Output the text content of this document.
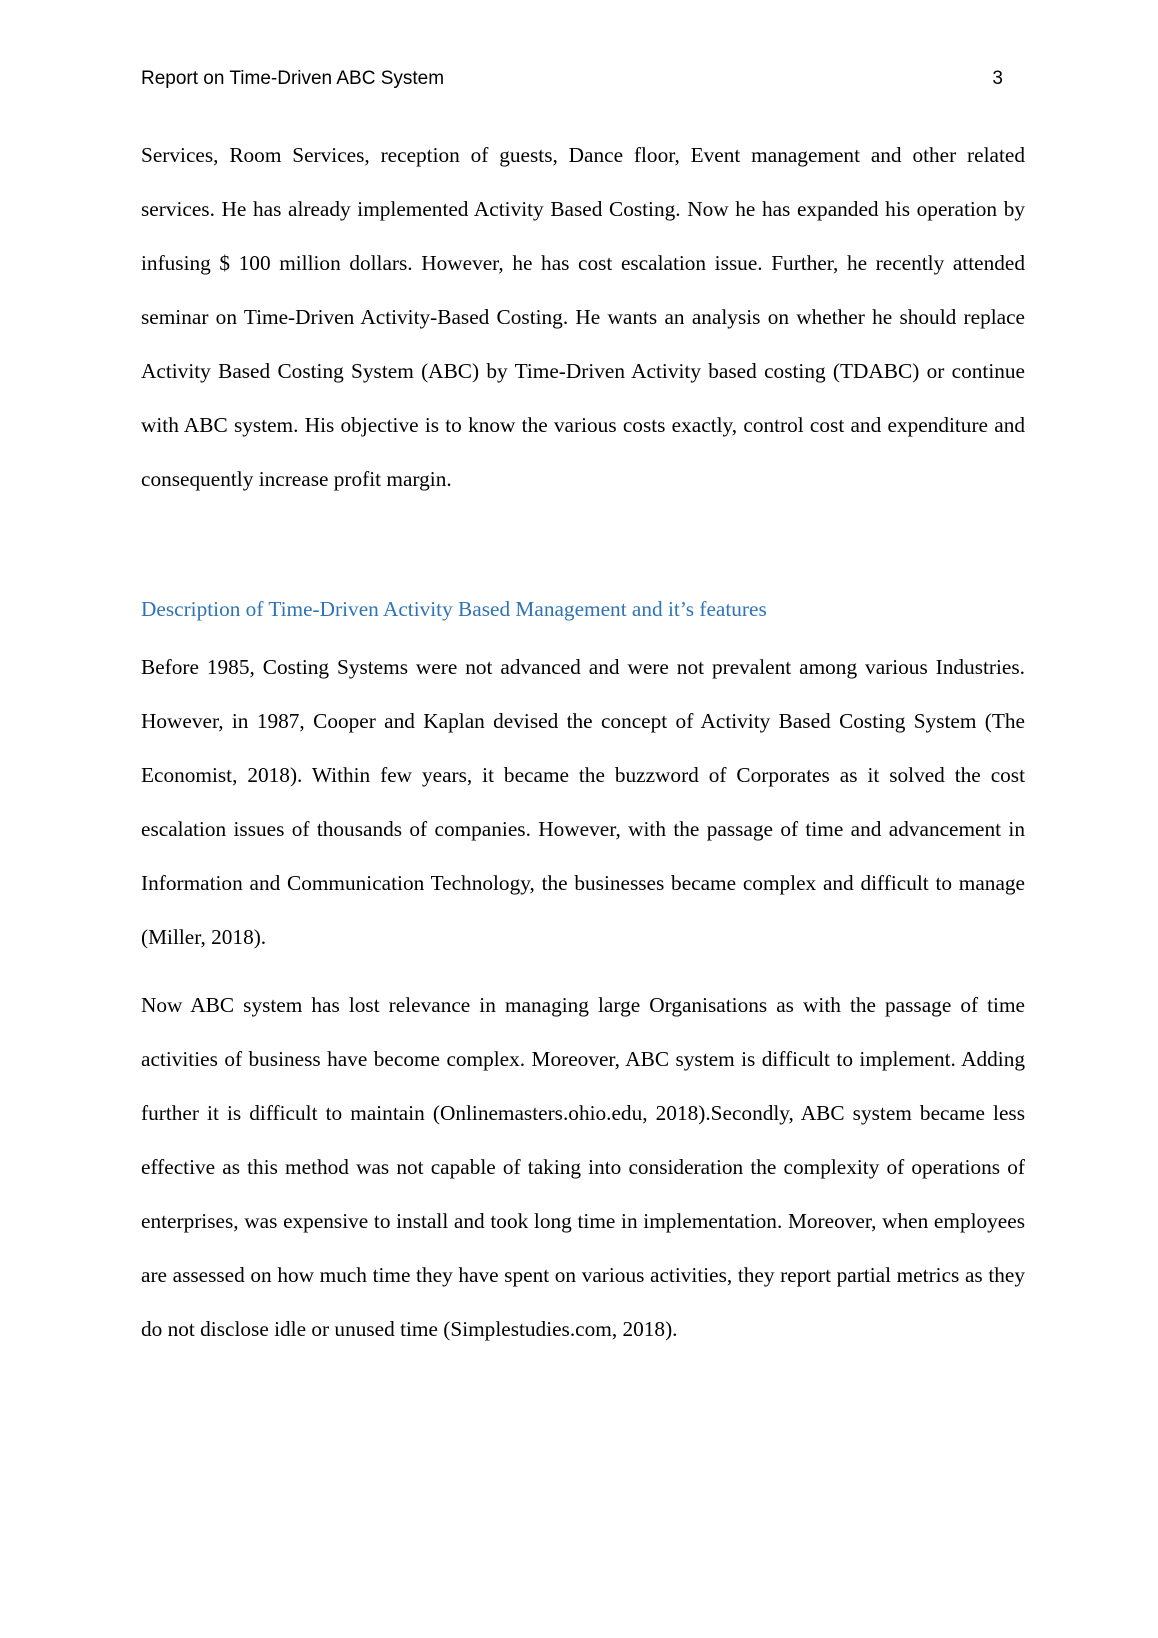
Report on Time-Driven ABC System	3

Services, Room Services, reception of guests, Dance floor, Event management and other related services. He has already implemented Activity Based Costing. Now he has expanded his operation by infusing $ 100 million dollars. However, he has cost escalation issue. Further, he recently attended seminar on Time-Driven Activity-Based Costing. He wants an analysis on whether he should replace Activity Based Costing System (ABC) by Time-Driven Activity based costing (TDABC) or continue with ABC system. His objective is to know the various costs exactly, control cost and expenditure and consequently increase profit margin.

Description of Time-Driven Activity Based Management and it’s features

Before 1985, Costing Systems were not advanced and were not prevalent among various Industries. However, in 1987, Cooper and Kaplan devised the concept of Activity Based Costing System (The Economist, 2018). Within few years, it became the buzzword of Corporates as it solved the cost escalation issues of thousands of companies. However, with the passage of time and advancement in Information and Communication Technology, the businesses became complex and difficult to manage (Miller, 2018).

Now ABC system has lost relevance in managing large Organisations as with the passage of time activities of business have become complex. Moreover, ABC system is difficult to implement. Adding further it is difficult to maintain (Onlinemasters.ohio.edu, 2018).Secondly, ABC system became less effective as this method was not capable of taking into consideration the complexity of operations of enterprises, was expensive to install and took long time in implementation. Moreover, when employees are assessed on how much time they have spent on various activities, they report partial metrics as they do not disclose idle or unused time (Simplestudies.com, 2018).
